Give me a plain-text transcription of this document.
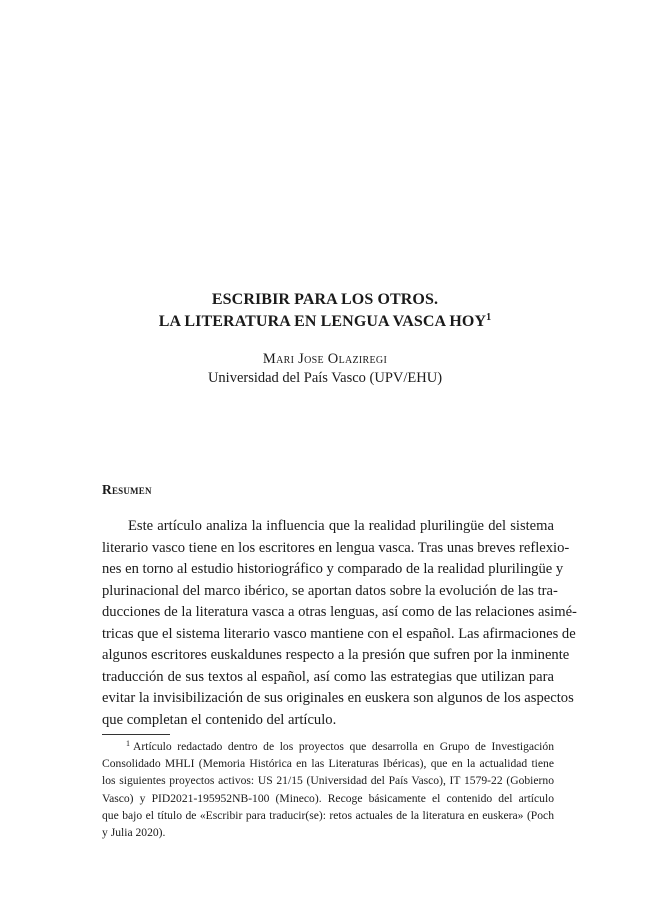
ESCRIBIR PARA LOS OTROS.
LA LITERATURA EN LENGUA VASCA HOY$^1$
Mari Jose Olaziregi
Universidad del País Vasco (UPV/EHU)
Resumen
Este artículo analiza la influencia que la realidad plurilingüe del sistema
literario vasco tiene en los escritores en lengua vasca. Tras unas breves reflexio-
nes en torno al estudio historiográfico y comparado de la realidad plurilingüe y
plurinacional del marco ibérico, se aportan datos sobre la evolución de las tra-
ducciones de la literatura vasca a otras lenguas, así como de las relaciones asimé-
tricas que el sistema literario vasco mantiene con el español. Las afirmaciones de
algunos escritores euskaldunes respecto a la presión que sufren por la inminente
traducción de sus textos al español, así como las estrategias que utilizan para
evitar la invisibilización de sus originales en euskera son algunos de los aspectos
que completan el contenido del artículo.
$^1$ Artículo redactado dentro de los proyectos que desarrolla en Grupo de Investigación
Consolidado MHLI (Memoria Histórica en las Literaturas Ibéricas), que en la actualidad tiene
los siguientes proyectos activos: US 21/15 (Universidad del País Vasco), IT 1579-22 (Gobierno
Vasco) y PID2021-195952NB-100 (Mineco). Recoge básicamente el contenido del artículo
que bajo el título de «Escribir para traducir(se): retos actuales de la literatura en euskera» (Poch
y Julia 2020).
